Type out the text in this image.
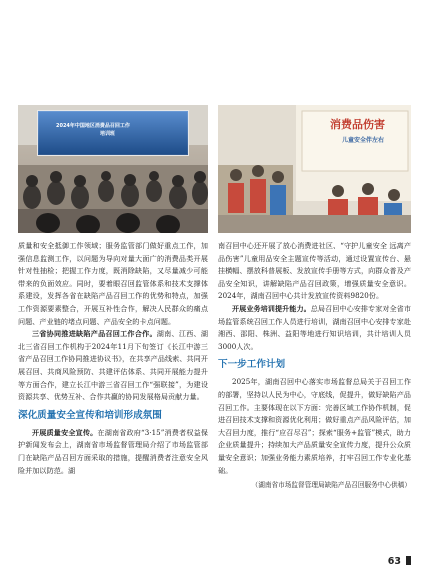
2024年中国地区消费品召回工作
培训班
消费品伤害
儿童安全伴左右

质量和安全抵御工作领域；服务监管部门做好重点工作，加强信息监测工作，以问题为导向对量大面广的消费品类开展针对性抽检；把握工作力度，既消除缺陷，又尽量减少可能带来的负面效应。同时，要着眼召回监管体系和技术支撑体系建设，发挥各省在缺陷产品召回工作的优势和特点，加强工作资源要素整合，开展互补性合作，解决人民群众的痛点问题、产业链的堵点问题、产品安全的卡点问题。

三省协同推进缺陷产品召回工作合作。湖南、江西、湖北三省召回工作机构于2024年11月下旬签订《长江中游三省产品召回工作协同推进协议书》，在共享产品线索、共同开展召回、共商风险预防、共建评估体系、共同开展能力提升等方面合作，建立长江中游三省召回工作“强联接”，为建设资源共享、优势互补、合作共赢的协同发展格局贡献力量。

深化质量安全宣传和培训形成氛围

开展质量安全宣传。在湖南省政府“3·15”消费者权益保护新闻发布会上，湖南省市场监督管理局介绍了市场监管部门在缺陷产品召回方面采取的措施，提醒消费者注意安全风险并加以防范。湖

南召回中心还开展了放心消费进社区、“守护儿童安全 远离产品伤害”儿童用品安全主题宣传等活动，通过设置宣传台、悬挂横幅、摆放科普展板、发放宣传手册等方式，向群众普及产品安全知识，讲解缺陷产品召回政策，增强质量安全意识。2024年，湖南召回中心共计发放宣传资料9820份。

开展业务培训提升能力。总局召回中心安排专家对全省市场监管系统召回工作人员进行培训，湖南召回中心安排专家赴湘西、邵阳、株洲、益阳等地进行知识培训，共计培训人员3000人次。

下一步工作计划

2025年，湖南召回中心落实市场监督总局关于召回工作的部署，坚持以人民为中心，守底线，促提升，做好缺陷产品召回工作。主要体现在以下方面：完善区域工作协作机制，促进召回技术支撑和资源优化利用；做好重点产品风险评估，加大召回力度，推行“应召尽召”；探索“服务+监管”模式，助力企业质量提升；持续加大产品质量安全宣传力度，提升公众质量安全意识；加强业务能力素质培养，打牢召回工作专业化基础。

（湖南省市场监督管理局缺陷产品召回服务中心供稿）
63
